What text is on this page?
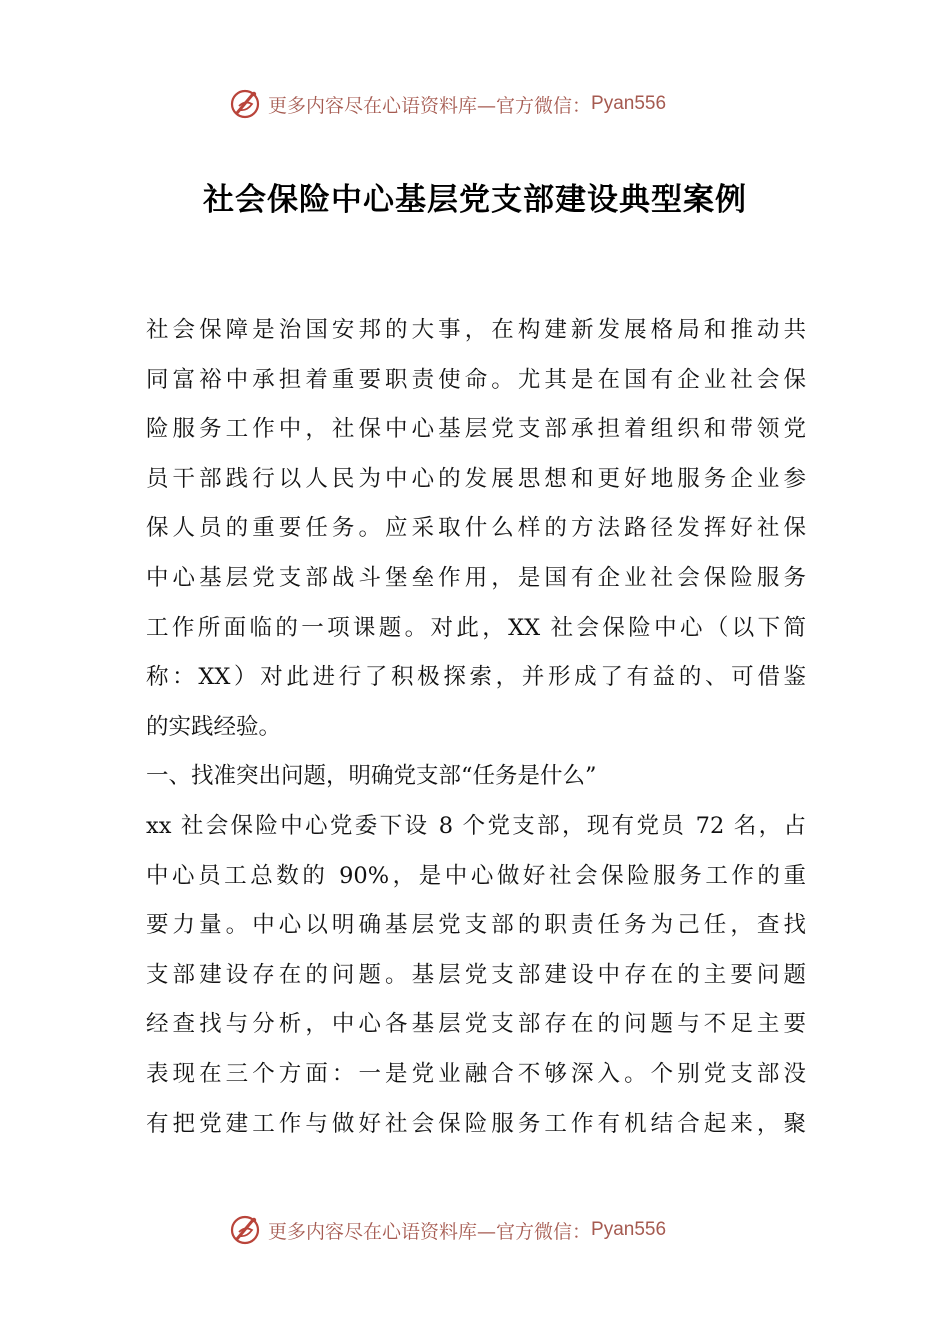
更多内容尽在心语资料库—官方微信： Pyan556
社会保险中心基层党支部建设典型案例
社会保障是治国安邦的大事，在构建新发展格局和推动共
同富裕中承担着重要职责使命。尤其是在国有企业社会保
险服务工作中，社保中心基层党支部承担着组织和带领党
员干部践行以人民为中心的发展思想和更好地服务企业参
保人员的重要任务。应采取什么样的方法路径发挥好社保
中心基层党支部战斗堡垒作用，是国有企业社会保险服务
工作所面临的一项课题。对此，XX 社会保险中心（以下简
称：XX）对此进行了积极探索，并形成了有益的、可借鉴
的实践经验。
一、找准突出问题，明确党支部“任务是什么”
xx 社会保险中心党委下设 8 个党支部，现有党员 72 名，占
中心员工总数的 90%，是中心做好社会保险服务工作的重
要力量。中心以明确基层党支部的职责任务为己任，查找
支部建设存在的问题。基层党支部建设中存在的主要问题
经查找与分析，中心各基层党支部存在的问题与不足主要
表现在三个方面：一是党业融合不够深入。个别党支部没
有把党建工作与做好社会保险服务工作有机结合起来，聚
更多内容尽在心语资料库—官方微信： Pyan556
